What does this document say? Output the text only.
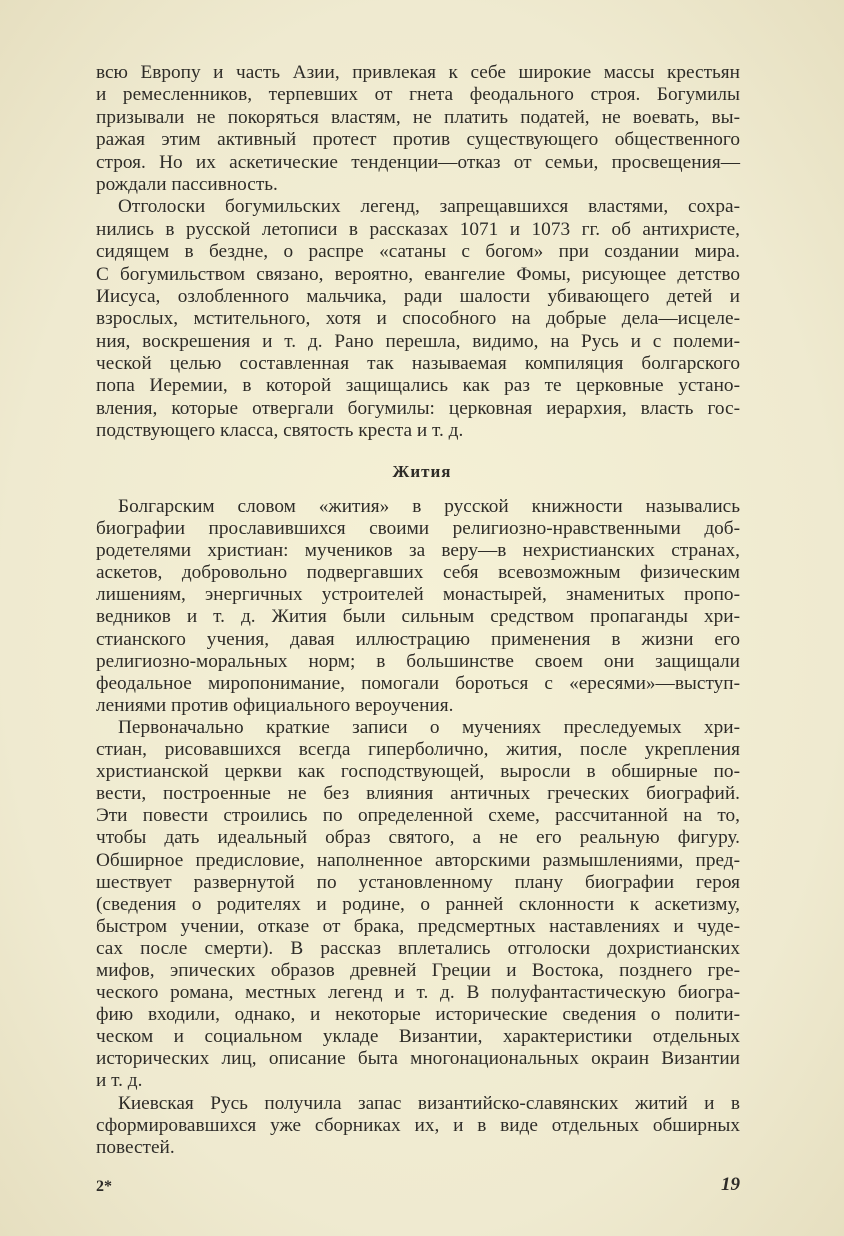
всю Европу и часть Азии, привлекая к себе широкие массы крестьян
и ремесленников, терпевших от гнета феодального строя. Богумилы
призывали не покоряться властям, не платить податей, не воевать, вы-
ражая этим активный протест против существующего общественного
строя. Но их аскетические тенденции—отказ от семьи, просвещения—
рождали пассивность.
Отголоски богумильских легенд, запрещавшихся властями, сохра-
нились в русской летописи в рассказах 1071 и 1073 гг. об антихристе,
сидящем в бездне, о распре «сатаны с богом» при создании мира.
С богумильством связано, вероятно, евангелие Фомы, рисующее детство
Иисуса, озлобленного мальчика, ради шалости убивающего детей и
взрослых, мстительного, хотя и способного на добрые дела—исцеле-
ния, воскрешения и т. д. Рано перешла, видимо, на Русь и с полеми-
ческой целью составленная так называемая компиляция болгарского
попа Иеремии, в которой защищались как раз те церковные устано-
вления, которые отвергали богумилы: церковная иерархия, власть гос-
подствующего класса, святость креста и т. д.
Жития
Болгарским словом «жития» в русской книжности назывались
биографии прославившихся своими религиозно-нравственными доб-
родетелями христиан: мучеников за веру—в нехристианских странах,
аскетов, добровольно подвергавших себя всевозможным физическим
лишениям, энергичных устроителей монастырей, знаменитых пропо-
ведников и т. д. Жития были сильным средством пропаганды хри-
стианского учения, давая иллюстрацию применения в жизни его
религиозно-моральных норм; в большинстве своем они защищали
феодальное миропонимание, помогали бороться с «ересями»—выступ-
лениями против официального вероучения.
Первоначально краткие записи о мучениях преследуемых хри-
стиан, рисовавшихся всегда гиперболично, жития, после укрепления
христианской церкви как господствующей, выросли в обширные по-
вести, построенные не без влияния античных греческих биографий.
Эти повести строились по определенной схеме, рассчитанной на то,
чтобы дать идеальный образ святого, а не его реальную фигуру.
Обширное предисловие, наполненное авторскими размышлениями, пред-
шествует развернутой по установленному плану биографии героя
(сведения о родителях и родине, о ранней склонности к аскетизму,
быстром учении, отказе от брака, предсмертных наставлениях и чуде-
сах после смерти). В рассказ вплетались отголоски дохристианских
мифов, эпических образов древней Греции и Востока, позднего гре-
ческого романа, местных легенд и т. д. В полуфантастическую биогра-
фию входили, однако, и некоторые исторические сведения о полити-
ческом и социальном укладе Византии, характеристики отдельных
исторических лиц, описание быта многонациональных окраин Византии
и т. д.
Киевская Русь получила запас византийско-славянских житий и в
сформировавшихся уже сборниках их, и в виде отдельных обширных
повестей.
2*	19
